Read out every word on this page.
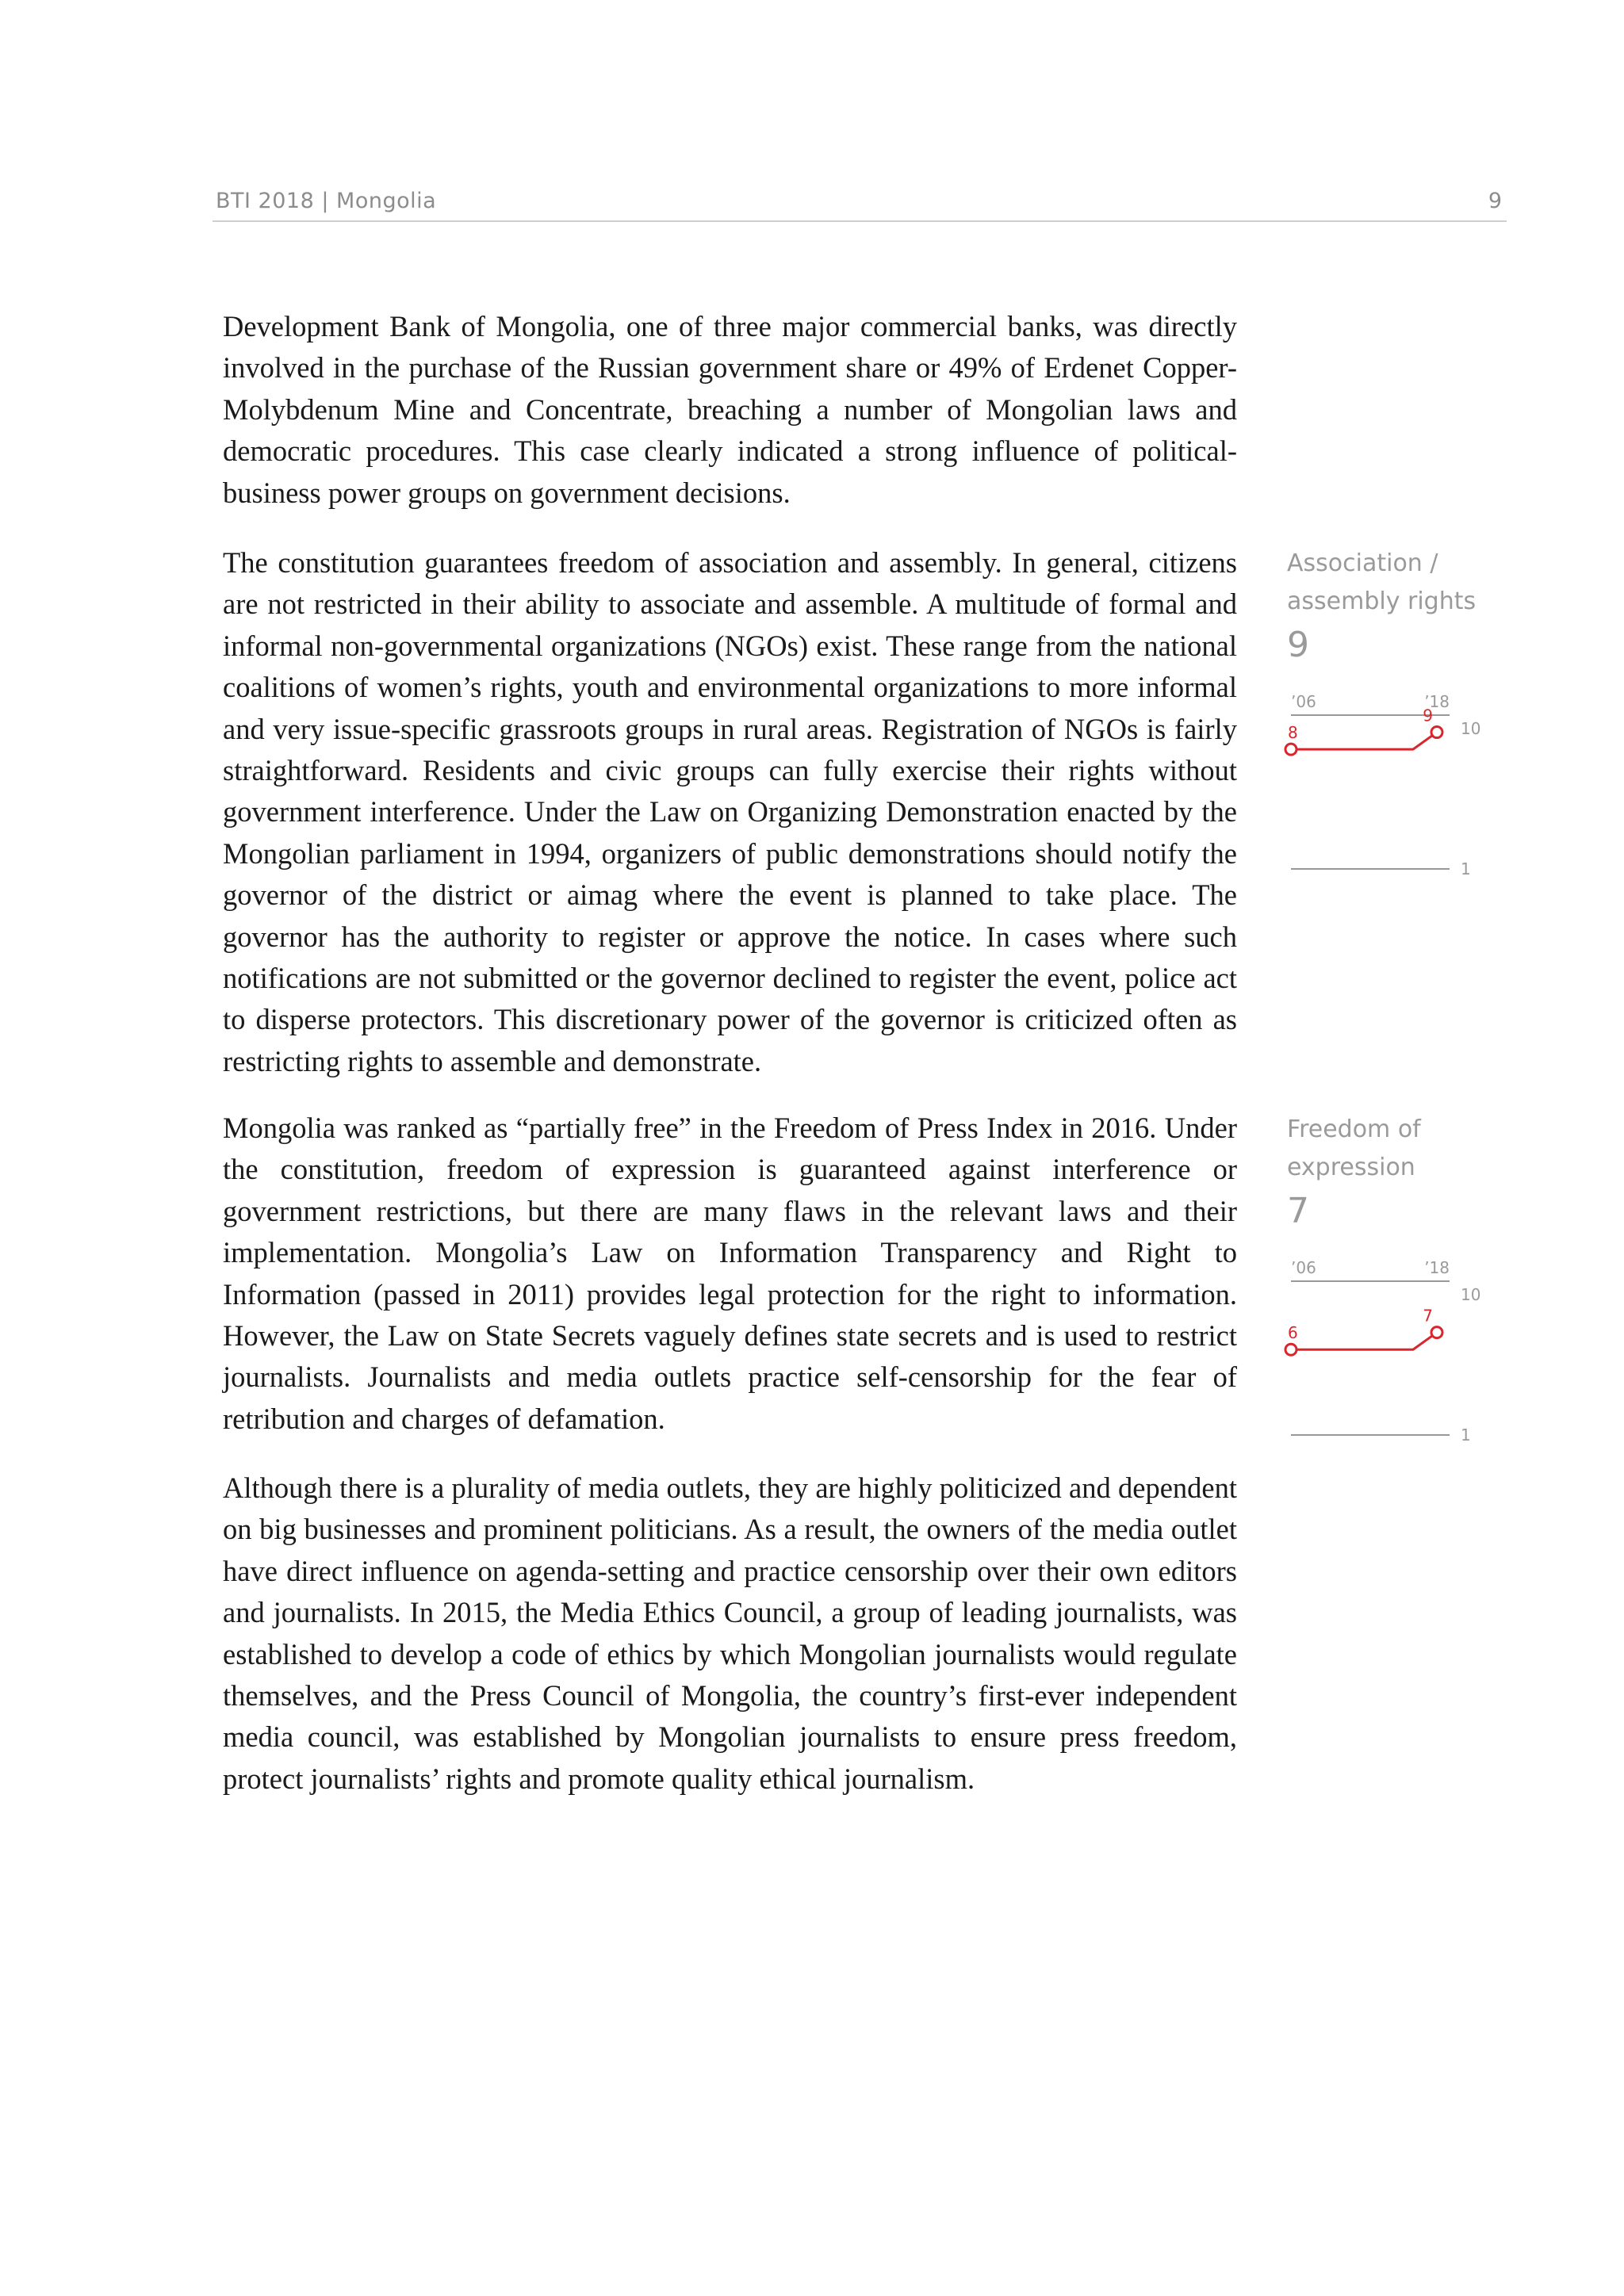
BTI 2018 | Mongolia	9

Development Bank of Mongolia, one of three major commercial banks, was directly involved in the purchase of the Russian government share or 49% of Erdenet Copper-Molybdenum Mine and Concentrate, breaching a number of Mongolian laws and democratic procedures. This case clearly indicated a strong influence of political-business power groups on government decisions.

The constitution guarantees freedom of association and assembly. In general, citizens are not restricted in their ability to associate and assemble. A multitude of formal and informal non-governmental organizations (NGOs) exist. These range from the national coalitions of women’s rights, youth and environmental organizations to more informal and very issue-specific grassroots groups in rural areas. Registration of NGOs is fairly straightforward. Residents and civic groups can fully exercise their rights without government interference. Under the Law on Organizing Demonstration enacted by the Mongolian parliament in 1994, organizers of public demonstrations should notify the governor of the district or aimag where the event is planned to take place. The governor has the authority to register or approve the notice. In cases where such notifications are not submitted or the governor declined to register the event, police act to disperse protectors. This discretionary power of the governor is criticized often as restricting rights to assemble and demonstrate.

Mongolia was ranked as “partially free” in the Freedom of Press Index in 2016. Under the constitution, freedom of expression is guaranteed against interference or government restrictions, but there are many flaws in the relevant laws and their implementation. Mongolia’s Law on Information Transparency and Right to Information (passed in 2011) provides legal protection for the right to information. However, the Law on State Secrets vaguely defines state secrets and is used to restrict journalists. Journalists and media outlets practice self-censorship for the fear of retribution and charges of defamation.

Although there is a plurality of media outlets, they are highly politicized and dependent on big businesses and prominent politicians. As a result, the owners of the media outlet have direct influence on agenda-setting and practice censorship over their own editors and journalists. In 2015, the Media Ethics Council, a group of leading journalists, was established to develop a code of ethics by which Mongolian journalists would regulate themselves, and the Press Council of Mongolia, the country’s first-ever independent media council, was established by Mongolian journalists to ensure press freedom, protect journalists’ rights and promote quality ethical journalism.

Association /
assembly rights
9
’06	’18
10
1
8
9
Freedom of
expression
7
’06	’18
10
1
6
7
